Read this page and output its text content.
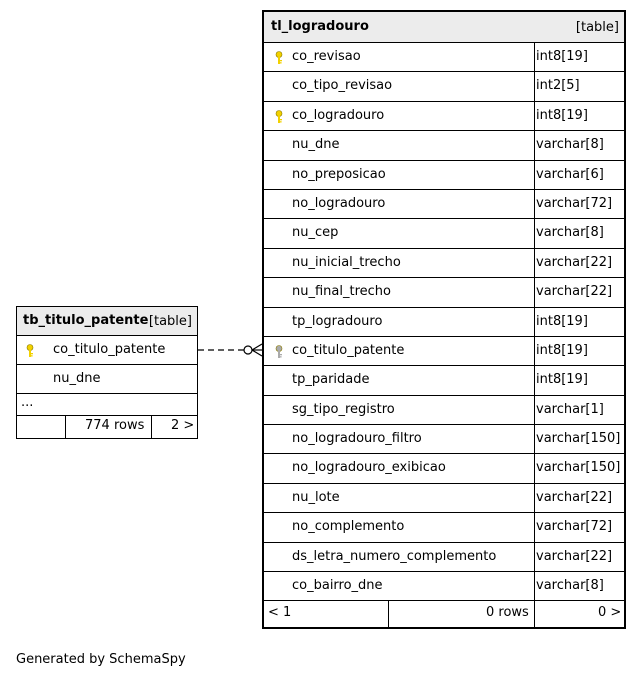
tl_logradouro	[table]
co_revisao	int8[19]
co_tipo_revisao	int2[5]
co_logradouro	int8[19]
nu_dne	varchar[8]
no_preposicao	varchar[6]
no_logradouro	varchar[72]
nu_cep	varchar[8]
nu_inicial_trecho	varchar[22]
nu_final_trecho	varchar[22]
tp_logradouro	int8[19]
co_titulo_patente	int8[19]
tp_paridade	int8[19]
sg_tipo_registro	varchar[1]
no_logradouro_filtro	varchar[150]
no_logradouro_exibicao	varchar[150]
nu_lote	varchar[22]
no_complemento	varchar[72]
ds_letra_numero_complemento	varchar[22]
co_bairro_dne	varchar[8]
< 1	0 rows	0 >
tb_titulo_patente [table]
co_titulo_patente
nu_dne
...
774 rows 2 >
Generated by SchemaSpy
